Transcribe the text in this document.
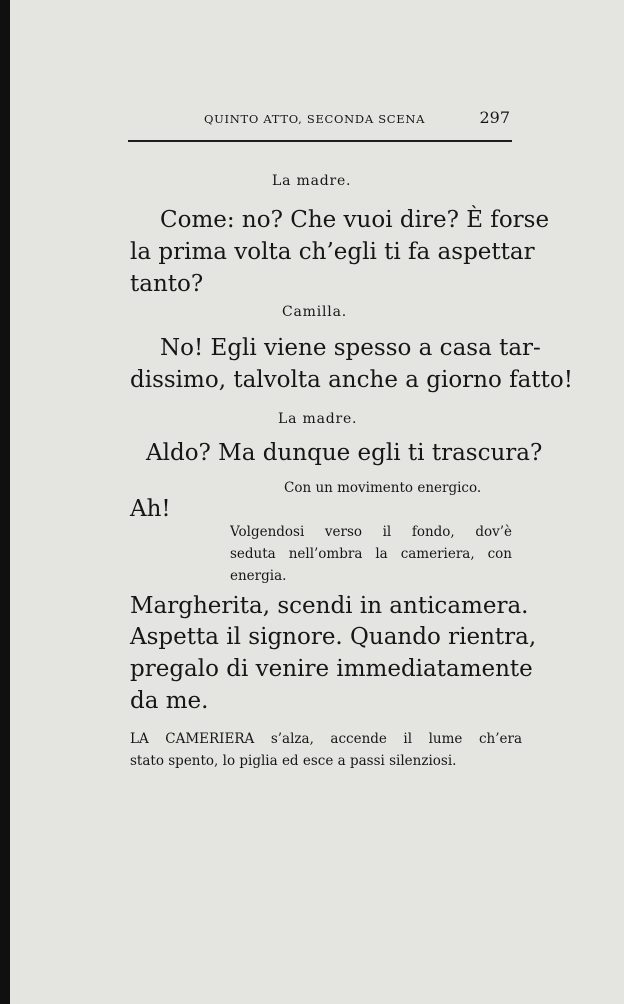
QUINTO ATTO, SECONDA SCENA	297
La madre.
Come: no? Che vuoi dire? È forse
la prima volta ch’egli ti fa aspettar
tanto?
Camilla.
No! Egli viene spesso a casa tar-
dissimo, talvolta anche a giorno fatto!
La madre.
Aldo? Ma dunque egli ti trascura?
Con un movimento energico.
Ah!
Volgendosi verso il fondo, dov’è
seduta nell’ombra la cameriera, con
energia.
Margherita, scendi in anticamera.
Aspetta il signore. Quando rientra,
pregalo di venire immediatamente
da me.
LA CAMERIERA s’alza, accende il lume ch’era
stato spento, lo piglia ed esce a passi silenziosi.
